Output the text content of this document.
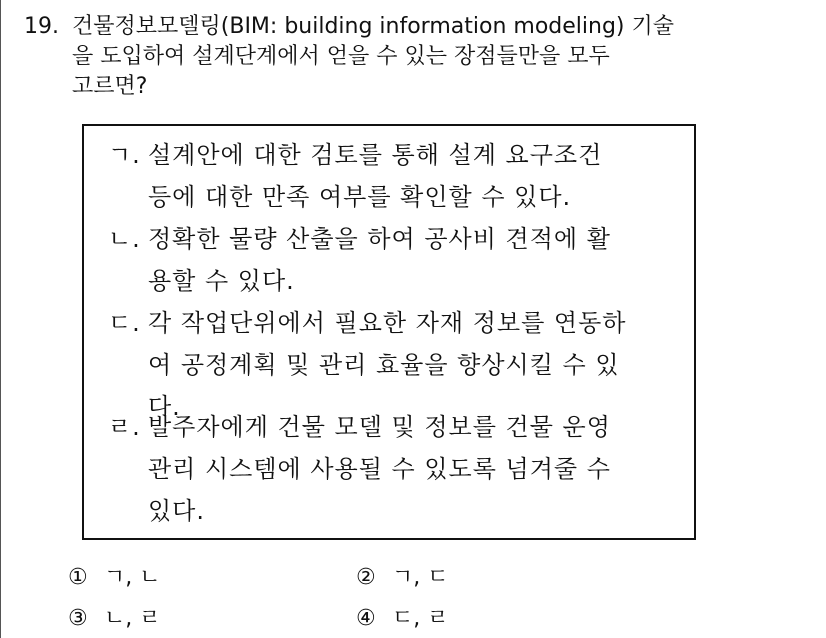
19. 건물정보모델링(BIM: building information modeling) 기술
을 도입하여 설계단계에서 얻을 수 있는 장점들만을 모두
고르면?
ㄱ. 설계안에 대한 검토를 통해 설계 요구조건
등에 대한 만족 여부를 확인할 수 있다.
ㄴ. 정확한 물량 산출을 하여 공사비 견적에 활
용할 수 있다.
ㄷ. 각 작업단위에서 필요한 자재 정보를 연동하
여 공정계획 및 관리 효율을 향상시킬 수 있
다.
ㄹ. 발주자에게 건물 모델 및 정보를 건물 운영
관리 시스템에 사용될 수 있도록 넘겨줄 수
있다.
① ㄱ, ㄴ	② ㄱ, ㄷ
③ ㄴ, ㄹ	④ ㄷ, ㄹ
